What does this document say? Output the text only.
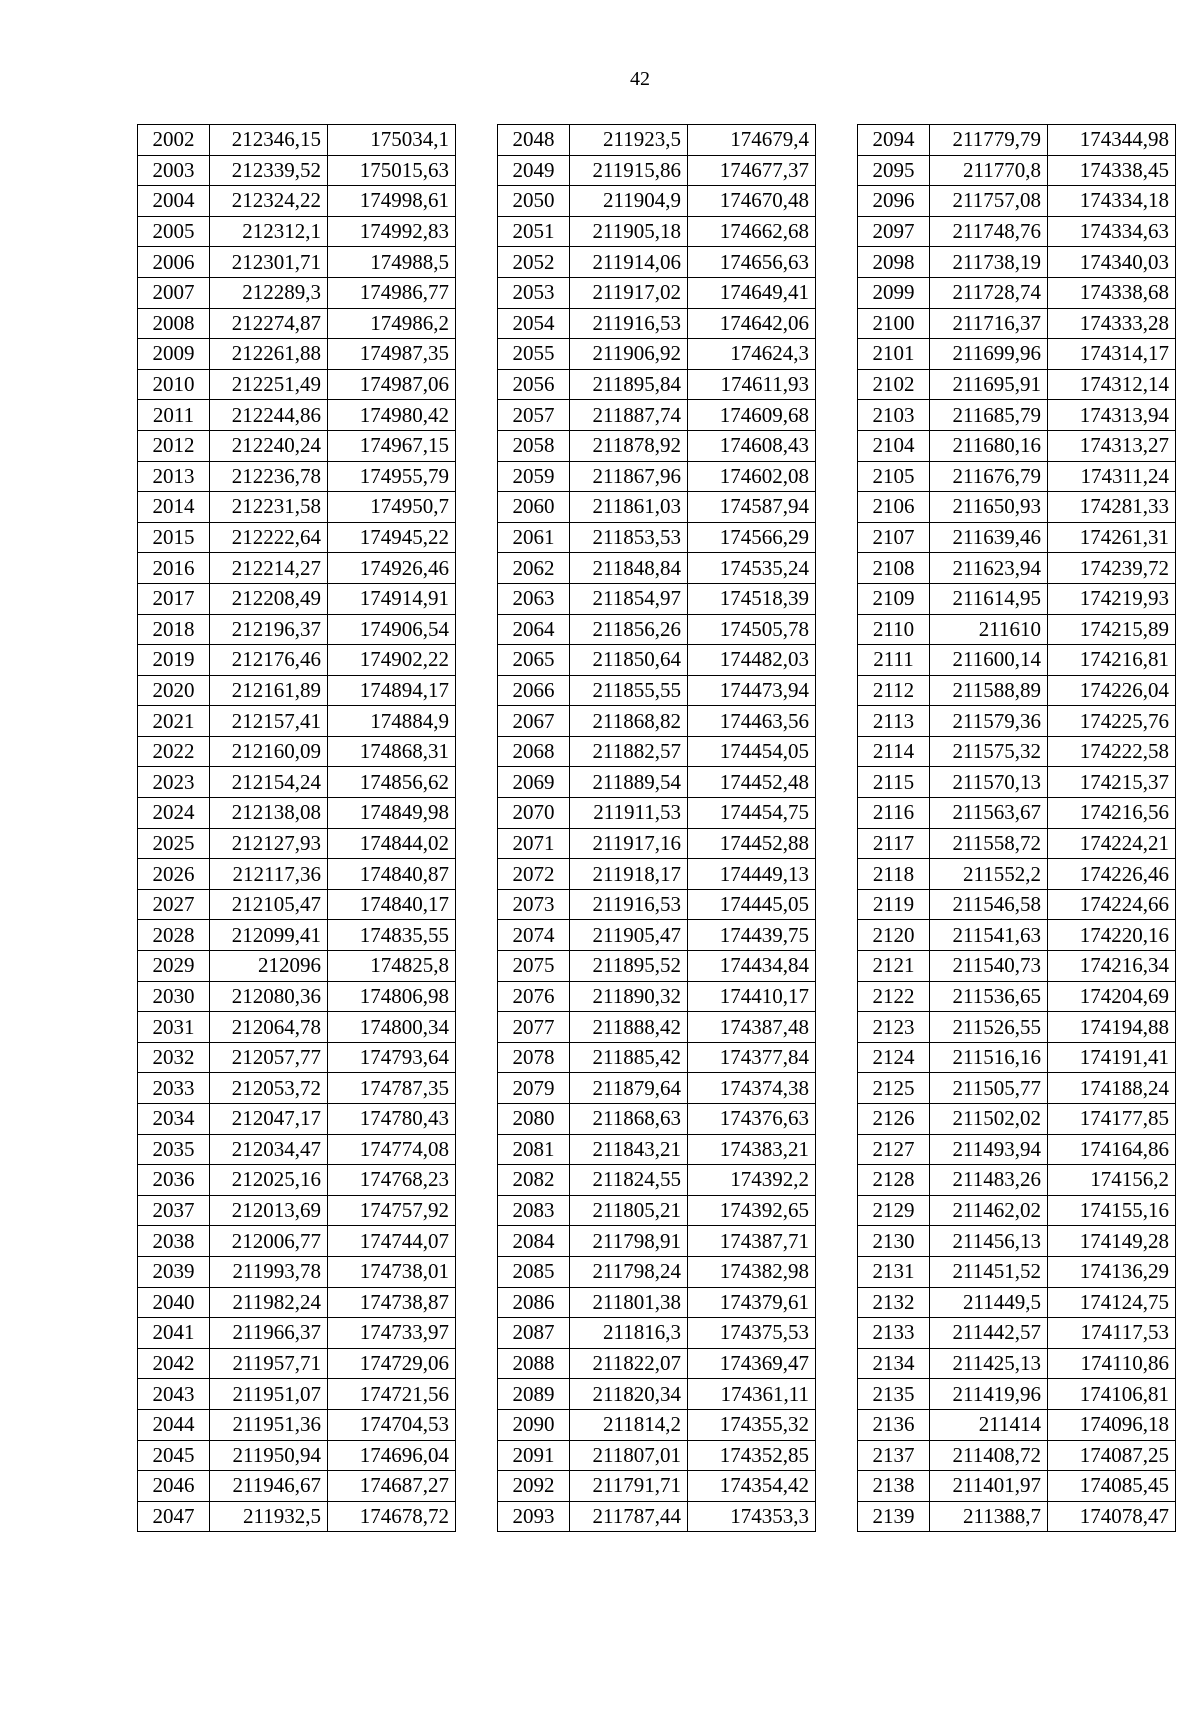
42
2002	212346,15	175034,1
2003	212339,52	175015,63
2004	212324,22	174998,61
2005	212312,1	174992,83
2006	212301,71	174988,5
2007	212289,3	174986,77
2008	212274,87	174986,2
2009	212261,88	174987,35
2010	212251,49	174987,06
2011	212244,86	174980,42
2012	212240,24	174967,15
2013	212236,78	174955,79
2014	212231,58	174950,7
2015	212222,64	174945,22
2016	212214,27	174926,46
2017	212208,49	174914,91
2018	212196,37	174906,54
2019	212176,46	174902,22
2020	212161,89	174894,17
2021	212157,41	174884,9
2022	212160,09	174868,31
2023	212154,24	174856,62
2024	212138,08	174849,98
2025	212127,93	174844,02
2026	212117,36	174840,87
2027	212105,47	174840,17
2028	212099,41	174835,55
2029	212096	174825,8
2030	212080,36	174806,98
2031	212064,78	174800,34
2032	212057,77	174793,64
2033	212053,72	174787,35
2034	212047,17	174780,43
2035	212034,47	174774,08
2036	212025,16	174768,23
2037	212013,69	174757,92
2038	212006,77	174744,07
2039	211993,78	174738,01
2040	211982,24	174738,87
2041	211966,37	174733,97
2042	211957,71	174729,06
2043	211951,07	174721,56
2044	211951,36	174704,53
2045	211950,94	174696,04
2046	211946,67	174687,27
2047	211932,5	174678,72
2048	211923,5	174679,4
2049	211915,86	174677,37
2050	211904,9	174670,48
2051	211905,18	174662,68
2052	211914,06	174656,63
2053	211917,02	174649,41
2054	211916,53	174642,06
2055	211906,92	174624,3
2056	211895,84	174611,93
2057	211887,74	174609,68
2058	211878,92	174608,43
2059	211867,96	174602,08
2060	211861,03	174587,94
2061	211853,53	174566,29
2062	211848,84	174535,24
2063	211854,97	174518,39
2064	211856,26	174505,78
2065	211850,64	174482,03
2066	211855,55	174473,94
2067	211868,82	174463,56
2068	211882,57	174454,05
2069	211889,54	174452,48
2070	211911,53	174454,75
2071	211917,16	174452,88
2072	211918,17	174449,13
2073	211916,53	174445,05
2074	211905,47	174439,75
2075	211895,52	174434,84
2076	211890,32	174410,17
2077	211888,42	174387,48
2078	211885,42	174377,84
2079	211879,64	174374,38
2080	211868,63	174376,63
2081	211843,21	174383,21
2082	211824,55	174392,2
2083	211805,21	174392,65
2084	211798,91	174387,71
2085	211798,24	174382,98
2086	211801,38	174379,61
2087	211816,3	174375,53
2088	211822,07	174369,47
2089	211820,34	174361,11
2090	211814,2	174355,32
2091	211807,01	174352,85
2092	211791,71	174354,42
2093	211787,44	174353,3
2094	211779,79	174344,98
2095	211770,8	174338,45
2096	211757,08	174334,18
2097	211748,76	174334,63
2098	211738,19	174340,03
2099	211728,74	174338,68
2100	211716,37	174333,28
2101	211699,96	174314,17
2102	211695,91	174312,14
2103	211685,79	174313,94
2104	211680,16	174313,27
2105	211676,79	174311,24
2106	211650,93	174281,33
2107	211639,46	174261,31
2108	211623,94	174239,72
2109	211614,95	174219,93
2110	211610	174215,89
2111	211600,14	174216,81
2112	211588,89	174226,04
2113	211579,36	174225,76
2114	211575,32	174222,58
2115	211570,13	174215,37
2116	211563,67	174216,56
2117	211558,72	174224,21
2118	211552,2	174226,46
2119	211546,58	174224,66
2120	211541,63	174220,16
2121	211540,73	174216,34
2122	211536,65	174204,69
2123	211526,55	174194,88
2124	211516,16	174191,41
2125	211505,77	174188,24
2126	211502,02	174177,85
2127	211493,94	174164,86
2128	211483,26	174156,2
2129	211462,02	174155,16
2130	211456,13	174149,28
2131	211451,52	174136,29
2132	211449,5	174124,75
2133	211442,57	174117,53
2134	211425,13	174110,86
2135	211419,96	174106,81
2136	211414	174096,18
2137	211408,72	174087,25
2138	211401,97	174085,45
2139	211388,7	174078,47
